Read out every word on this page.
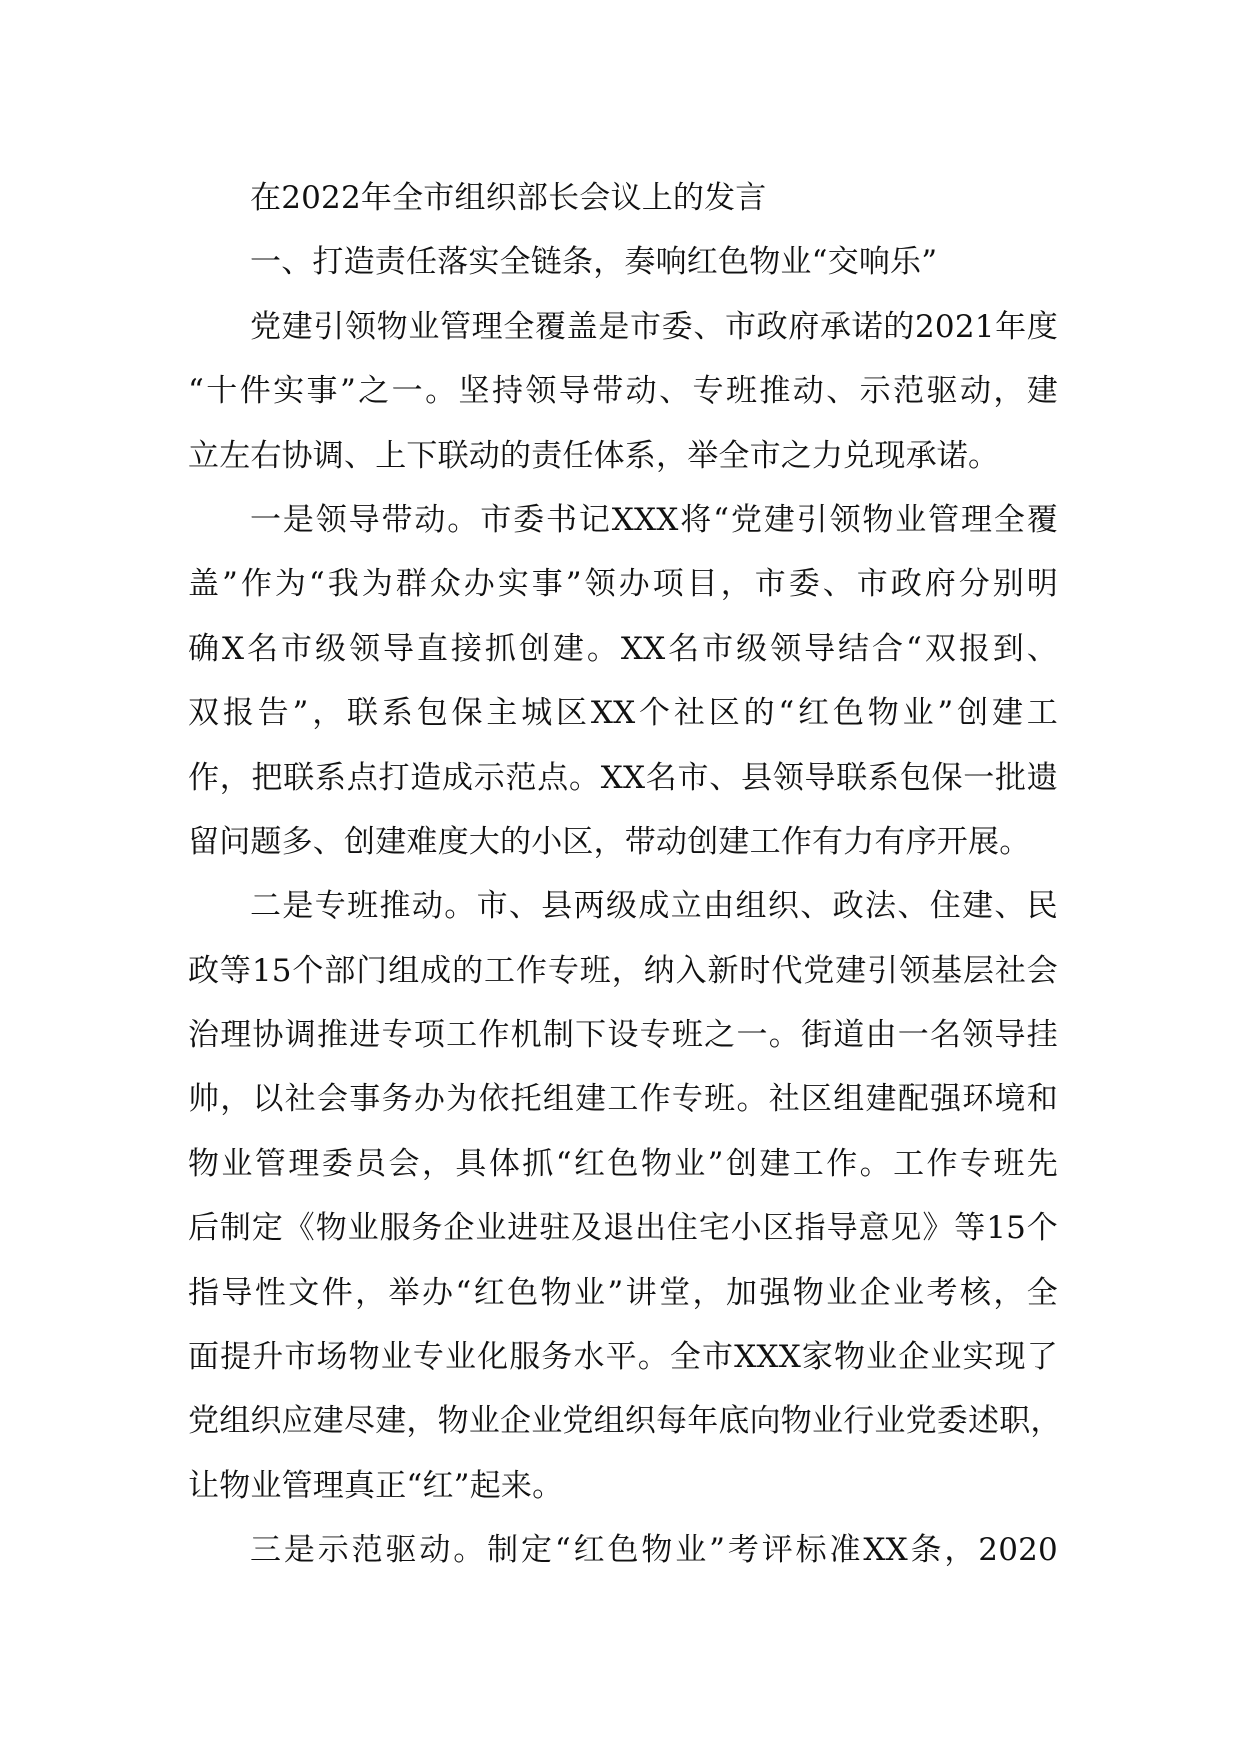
在2022年全市组织部长会议上的发言
一、打造责任落实全链条，奏响红色物业“交响乐”
党建引领物业管理全覆盖是市委、市政府承诺的2021年度
“十件实事”之一。坚持领导带动、专班推动、示范驱动，建
立左右协调、上下联动的责任体系，举全市之力兑现承诺。
一是领导带动。市委书记XXX将“党建引领物业管理全覆
盖”作为“我为群众办实事”领办项目，市委、市政府分别明
确X名市级领导直接抓创建。XX名市级领导结合“双报到、
双报告”，联系包保主城区XX个社区的“红色物业”创建工
作，把联系点打造成示范点。XX名市、县领导联系包保一批遗
留问题多、创建难度大的小区，带动创建工作有力有序开展。
二是专班推动。市、县两级成立由组织、政法、住建、民
政等15个部门组成的工作专班，纳入新时代党建引领基层社会
治理协调推进专项工作机制下设专班之一。街道由一名领导挂
帅，以社会事务办为依托组建工作专班。社区组建配强环境和
物业管理委员会，具体抓“红色物业”创建工作。工作专班先
后制定《物业服务企业进驻及退出住宅小区指导意见》等15个
指导性文件，举办“红色物业”讲堂，加强物业企业考核，全
面提升市场物业专业化服务水平。全市XXX家物业企业实现了
党组织应建尽建，物业企业党组织每年底向物业行业党委述职，
让物业管理真正“红”起来。
三是示范驱动。制定“红色物业”考评标准XX条，2020
